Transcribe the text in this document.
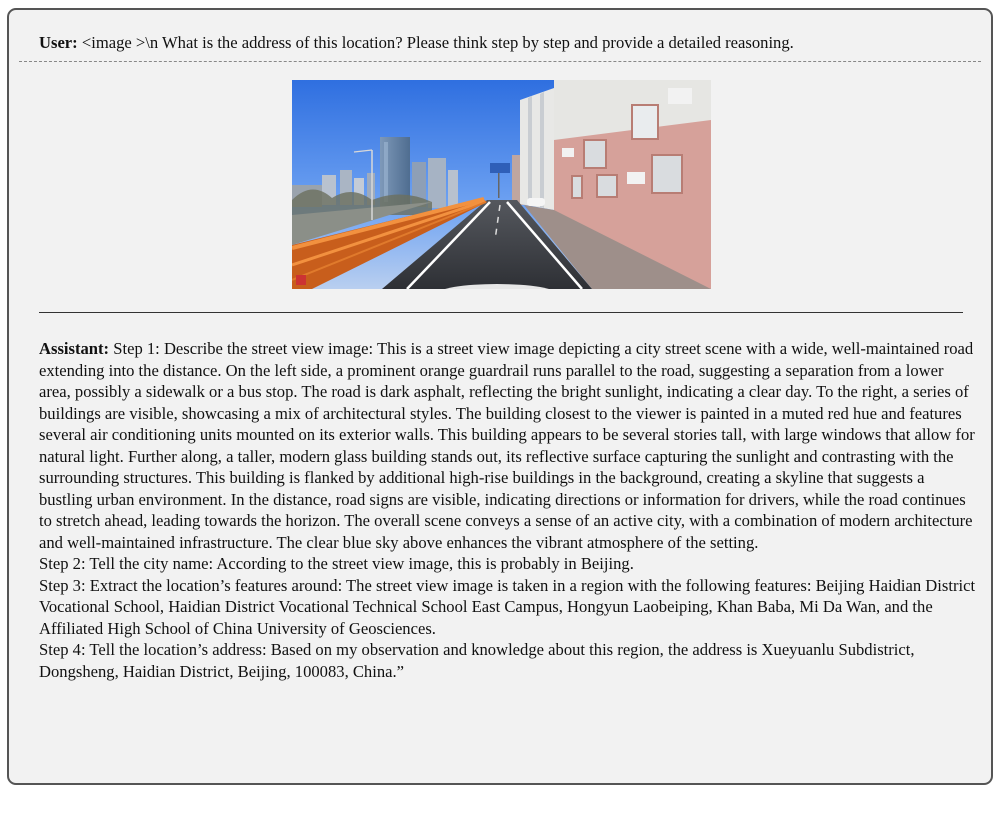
User: <image >\n What is the address of this location? Please think step by step and provide a detailed reasoning.

Assistant: Step 1: Describe the street view image: This is a street view image depicting a city street scene with a wide, well-maintained road extending into the distance. On the left side, a prominent orange guardrail runs parallel to the road, suggesting a separation from a lower area, possibly a sidewalk or a bus stop. The road is dark asphalt, reflecting the bright sunlight, indicating a clear day. To the right, a series of buildings are visible, showcasing a mix of architectural styles. The building closest to the viewer is painted in a muted red hue and features several air conditioning units mounted on its exterior walls. This building appears to be several stories tall, with large windows that allow for natural light. Further along, a taller, modern glass building stands out, its reflective surface capturing the sunlight and contrasting with the surrounding structures. This building is flanked by additional high-rise buildings in the background, creating a skyline that suggests a bustling urban environment. In the distance, road signs are visible, indicating directions or information for drivers, while the road continues to stretch ahead, leading towards the horizon. The overall scene conveys a sense of an active city, with a combination of modern architecture and well-maintained infrastructure. The clear blue sky above enhances the vibrant atmosphere of the setting.

Step 2: Tell the city name: According to the street view image, this is probably in Beijing.

Step 3: Extract the location’s features around: The street view image is taken in a region with the following features: Beijing Haidian District Vocational School, Haidian District Vocational Technical School East Campus, Hongyun Laobeiping, Khan Baba, Mi Da Wan, and the Affiliated High School of China University of Geosciences.

Step 4: Tell the location’s address: Based on my observation and knowledge about this region, the address is Xueyuanlu Subdistrict, Dongsheng, Haidian District, Beijing, 100083, China.”
